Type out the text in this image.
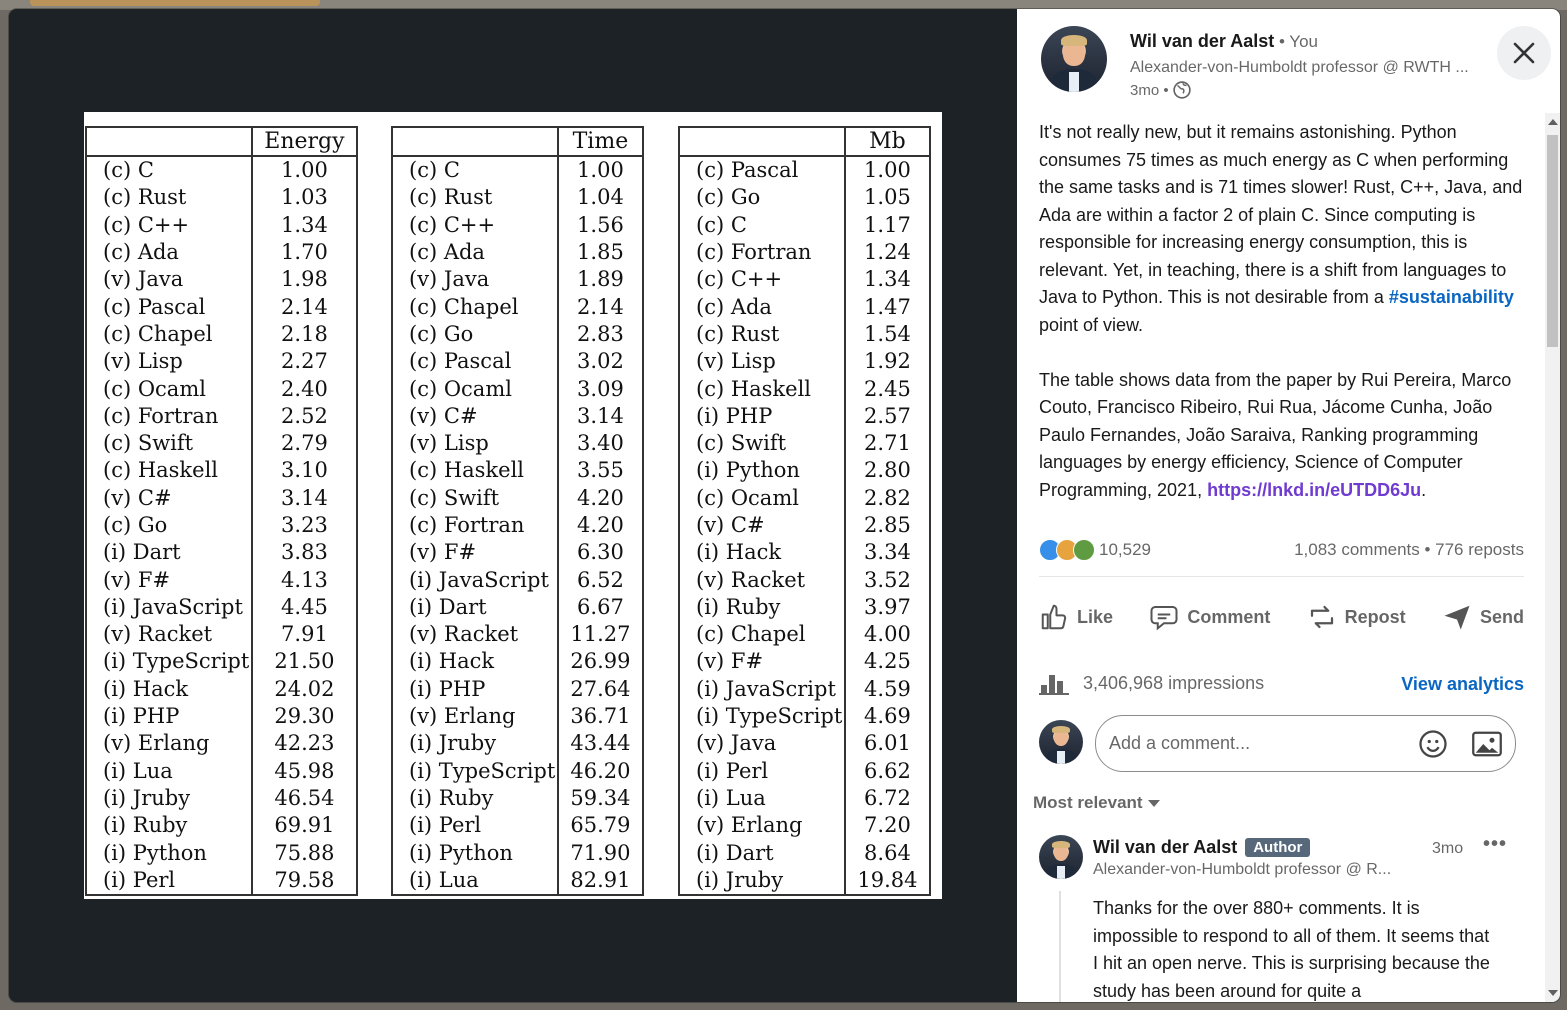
	Energy
(c) C	1.00
(c) Rust	1.03
(c) C++	1.34
(c) Ada	1.70
(v) Java	1.98
(c) Pascal	2.14
(c) Chapel	2.18
(v) Lisp	2.27
(c) Ocaml	2.40
(c) Fortran	2.52
(c) Swift	2.79
(c) Haskell	3.10
(v) C#	3.14
(c) Go	3.23
(i) Dart	3.83
(v) F#	4.13
(i) JavaScript	4.45
(v) Racket	7.91
(i) TypeScript	21.50
(i) Hack	24.02
(i) PHP	29.30
(v) Erlang	42.23
(i) Lua	45.98
(i) Jruby	46.54
(i) Ruby	69.91
(i) Python	75.88
(i) Perl	79.58
	Time
(c) C	1.00
(c) Rust	1.04
(c) C++	1.56
(c) Ada	1.85
(v) Java	1.89
(c) Chapel	2.14
(c) Go	2.83
(c) Pascal	3.02
(c) Ocaml	3.09
(v) C#	3.14
(v) Lisp	3.40
(c) Haskell	3.55
(c) Swift	4.20
(c) Fortran	4.20
(v) F#	6.30
(i) JavaScript	6.52
(i) Dart	6.67
(v) Racket	11.27
(i) Hack	26.99
(i) PHP	27.64
(v) Erlang	36.71
(i) Jruby	43.44
(i) TypeScript	46.20
(i) Ruby	59.34
(i) Perl	65.79
(i) Python	71.90
(i) Lua	82.91
	Mb
(c) Pascal	1.00
(c) Go	1.05
(c) C	1.17
(c) Fortran	1.24
(c) C++	1.34
(c) Ada	1.47
(c) Rust	1.54
(v) Lisp	1.92
(c) Haskell	2.45
(i) PHP	2.57
(c) Swift	2.71
(i) Python	2.80
(c) Ocaml	2.82
(v) C#	2.85
(i) Hack	3.34
(v) Racket	3.52
(i) Ruby	3.97
(c) Chapel	4.00
(v) F#	4.25
(i) JavaScript	4.59
(i) TypeScript	4.69
(v) Java	6.01
(i) Perl	6.62
(i) Lua	6.72
(v) Erlang	7.20
(i) Dart	8.64
(i) Jruby	19.84
Wil van der Aalst • You
Alexander-von-Humboldt professor @ RWTH ...
3mo •

It's not really new, but it remains astonishing. Python consumes 75 times as much energy as C when performing the same tasks and is 71 times slower! Rust, C++, Java, and Ada are within a factor 2 of plain C. Since computing is responsible for increasing energy consumption, this is relevant. Yet, in teaching, there is a shift from languages to Java to Python. This is not desirable from a #sustainability point of view.

The table shows data from the paper by Rui Pereira, Marco Couto, Francisco Ribeiro, Rui Rua, Jácome Cunha, João Paulo Fernandes, João Saraiva, Ranking programming languages by energy efficiency, Science of Computer Programming, 2021, https://lnkd.in/eUTDD6Ju.

10,529	1,083 comments • 776 reposts
Like	Comment	Repost	Send
3,406,968 impressions	View analytics
Add a comment...
Most relevant
Wil van der Aalst	Author	3mo •••
Alexander-von-Humboldt professor @ R...
Thanks for the over 880+ comments. It is impossible to respond to all of them. It seems that I hit an open nerve. This is surprising because the study has been around for quite a
